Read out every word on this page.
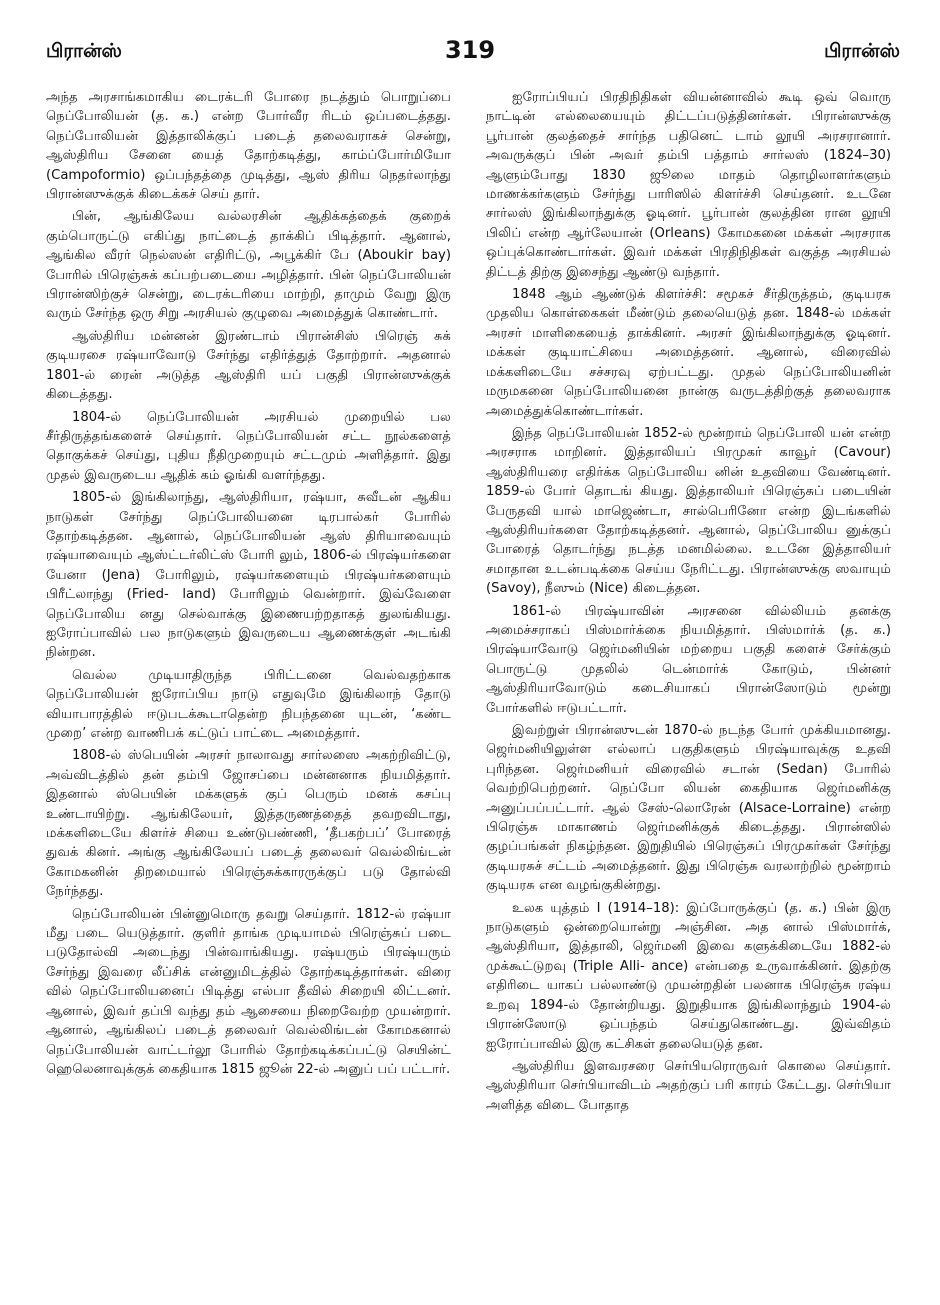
பிரான்ஸ்	319	பிரான்ஸ்

அந்த அரசாங்கமாகிய டைரக்டரி போரை நடத்தும் பொறுப்பை நெப்போலியன் (த. க.) என்ற போர்வீர ரிடம் ஒப்படைத்தது. நெப்போலியன் இத்தாலிக்குப் படைத் தலைவராகச் சென்று, ஆஸ்திரிய சேனை யைத் தோற்கடித்து, காம்ப்போர்மியோ (Campoformio) ஒப்பந்தத்தை முடித்து, ஆஸ் திரிய நெதர்லாந்து பிரான்ஸுக்குக் கிடைக்கச் செய் தார்.

பின், ஆங்கிலேய வல்லரசின் ஆதிக்கத்தைக் குறைக் கும்பொருட்டு எகிப்து நாட்டைத் தாக்கிப் பிடித்தார். ஆனால், ஆங்கில வீரர் நெல்ஸன் எதிரிட்டு, அபூக்கிர் பே (Aboukir bay) போரில் பிரெஞ்சுக் கப்பற்படையை அழித்தார். பின் நெப்போலியன் பிரான்ஸிற்குச் சென்று, டைரக்டரியை மாற்றி, தாமும் வேறு இரு வரும் சேர்ந்த ஒரு சிறு அரசியல் குழுவை அமைத்துக் கொண்டார்.

ஆஸ்திரிய மன்னன் இரண்டாம் பிரான்சிஸ் பிரெஞ் சுக் குடியரசை ரஷ்யாவோடு சேர்ந்து எதிர்த்துத் தோற்றார். அதனால் 1801-ல் ரைன் அடுத்த ஆஸ்திரி யப் பகுதி பிரான்ஸுக்குக் கிடைத்தது.

1804-ல் நெப்போலியன் அரசியல் முறையில் பல சீர்திருத்தங்களைச் செய்தார். நெப்போலியன் சட்ட நூல்களைத் தொகுக்கச் செய்து, புதிய நீதிமுறையும் சட்டமும் அளித்தார். இது முதல் இவருடைய ஆதிக் கம் ஓங்கி வளர்ந்தது.

1805-ல் இங்கிலாந்து, ஆஸ்திரியா, ரஷ்யா, சுவீடன் ஆகிய நாடுகள் சேர்ந்து நெப்போலியனை டிரபால்கர் போரில் தோற்கடித்தன. ஆனால், நெப்போலியன் ஆஸ் திரியாவையும் ரஷ்யாவையும் ஆஸ்ட்டர்லிட்ஸ் போரி லும், 1806-ல் பிரஷ்யர்களை யேனா (Jena) போரிலும், ரஷ்யர்களையும் பிரஷ்யர்களையும் பிரீட்லாந்து (Fried- land) போரிலும் வென்றார். இவ்வேளை நெப்போலிய னது செல்வாக்கு இணையற்றதாகத் துலங்கியது. ஐரோப்பாவில் பல நாடுகளும் இவருடைய ஆணைக்குள் அடங்கி நின்றன.

வெல்ல முடியாதிருந்த பிரிட்டனை வெல்வதற்காக நெப்போலியன் ஐரோப்பிய நாடு எதுவுமே இங்கிலாந் தோடு வியாபாரத்தில் ஈடுபடக்கூடாதென்ற நிபந்தனை யுடன், ‘கண்ட முறை’ என்ற வாணிபக் கட்டுப் பாட்டை அமைத்தார்.

1808-ல் ஸ்பெயின் அரசர் நாலாவது சார்லஸை அகற்றிவிட்டு, அவ்விடத்தில் தன் தம்பி ஜோசப்பை மன்னனாக நியமித்தார். இதனால் ஸ்பெயின் மக்களுக் குப் பெரும் மனக் கசப்பு உண்டாயிற்று. ஆங்கிலேயர், இத்தருணத்தைத் தவறவிடாது, மக்களிடையே கிளர்ச் சியை உண்டுபண்ணி, ‘தீபகற்பப்’ போரைத் துவக் கினர். அங்கு ஆங்கிலேயப் படைத் தலைவர் வெல்லிங்டன் கோமகனின் திறமையால் பிரெஞ்சுக்காரருக்குப் படு தோல்வி நேர்ந்தது.

நெப்போலியன் பின்னுமொரு தவறு செய்தார். 1812-ல் ரஷ்யா மீது படை யெடுத்தார். குளிர் தாங்க முடியாமல் பிரெஞ்சுப் படை படுதோல்வி அடைந்து பின்வாங்கியது. ரஷ்யரும் பிரஷ்யரும் சேர்ந்து இவரை லீப்சிக் என்னுமிடத்தில் தோற்கடித்தார்கள். விரை வில் நெப்போலியனைப் பிடித்து எல்பா தீவில் சிறையி லிட்டனர். ஆனால், இவர் தப்பி வந்து தம் ஆசையை நிறைவேற்ற முயன்றார். ஆனால், ஆங்கிலப் படைத் தலைவர் வெல்லிங்டன் கோமகனால் நெப்போலியன் வாட்டர்லூ போரில் தோற்கடிக்கப்பட்டு செயின்ட் ஹெலெனாவுக்குக் கைதியாக 1815 ஜூன் 22-ல் அனுப் பப் பட்டார்.

ஐரோப்பியப் பிரதிநிதிகள் வியன்னாவில் கூடி ஒவ் வொரு நாட்டின் எல்லையையும் திட்டப்படுத்தினர்கள். பிரான்ஸுக்கு பூர்பான் குலத்தைச் சார்ந்த பதினெட் டாம் லூயி அரசரானார். அவருக்குப் பின் அவர் தம்பி பத்தாம் சார்லஸ் (1824–30) ஆளும்போது 1830 ஜூலை மாதம் தொழிலாளர்களும் மாணக்கர்களும் சேர்ந்து பாரிஸில் கிளர்ச்சி செய்தனர். உடனே சார்லஸ் இங்கிலாந்துக்கு ஓடினர். பூர்பான் குலத்தின ரான லூயி பிலிப் என்ற ஆர்லேயான் (Orleans) கோமகனை மக்கள் அரசராக ஒப்புக்கொண்டார்கள். இவர் மக்கள் பிரதிநிதிகள் வகுத்த அரசியல் திட்டத் திற்கு இசைந்து ஆண்டு வந்தார்.

1848 ஆம் ஆண்டுக் கிளர்ச்சி: சமூகச் சீர்திருத்தம், குடியரசு முதலிய கொள்கைகள் மீண்டும் தலையெடுத் தன. 1848-ல் மக்கள் அரசர் மாளிகையைத் தாக்கினர். அரசர் இங்கிலாந்துக்கு ஓடினர். மக்கள் குடியாட்சியை அமைத்தனர். ஆனால், விரைவில் மக்களிடையே சச்சரவு ஏற்பட்டது. முதல் நெப்போலியனின் மருமகனை நெப்போலியனை நான்கு வருடத்திற்குத் தலைவராக அமைத்துக்கொண்டார்கள்.

இந்த நெப்போலியன் 1852-ல் மூன்றாம் நெப்போலி யன் என்ற அரசராக மாறினர். இத்தாலியப் பிரமுகர் காவூர் (Cavour) ஆஸ்திரியரை எதிர்க்க நெப்போலிய னின் உதவியை வேண்டினர். 1859-ல் போர் தொடங் கியது. இத்தாலியர் பிரெஞ்சுப் படையின் பேருதவி யால் மாஜெண்டா, சால்பெரினோ என்ற இடங்களில் ஆஸ்திரியர்களை தோற்கடித்தனர். ஆனால், நெப்போலிய னுக்குப் போரைத் தொடர்ந்து நடத்த மனமில்லை. உடனே இத்தாலியர் சமாதான உடன்படிக்கை செய்ய நேரிட்டது. பிரான்ஸுக்கு ஸவாயும் (Savoy), நீஸும் (Nice) கிடைத்தன.

1861-ல் பிரஷ்யாவின் அரசனை வில்லியம் தனக்கு அமைச்சராகப் பிஸ்மார்க்கை நியமித்தார். பிஸ்மார்க் (த. க.) பிரஷ்யாவோடு ஜெர்மனியின் மற்றைய பகுதி களைச் சேர்க்கும் பொருட்டு முதலில் டென்மார்க் கோடும், பின்னர் ஆஸ்திரியாவோடும் கடைசியாகப் பிரான்ஸோடும் மூன்று போர்களில் ஈடுபட்டார்.

இவற்றுள் பிரான்ஸுடன் 1870-ல் நடந்த போர் முக்கியமானது. ஜெர்மனியிலுள்ள எல்லாப் பகுதிகளும் பிரஷ்யாவுக்கு உதவி புரிந்தன. ஜெர்மனியர் விரைவில் சடான் (Sedan) போரில் வெற்றிபெற்றனர். நெப்போ லியன் கைதியாக ஜெர்மனிக்கு அனுப்பப்பட்டார். ஆல் சேஸ்-லொரேன் (Alsace-Lorraine) என்ற பிரெஞ்சு மாகாணம் ஜெர்மனிக்குக் கிடைத்தது. பிரான்ஸில் குழப்பங்கள் நிகழ்ந்தன. இறுதியில் பிரெஞ்சுப் பிரமுகர்கள் சேர்ந்து குடியரசுச் சட்டம் அமைத்தனர். இது பிரெஞ்சு வரலாற்றில் மூன்றாம் குடியரசு என வழங்குகின்றது.

உலக யுத்தம் I (1914–18): இப்போருக்குப் (த. க.) பின் இரு நாடுகளும் ஒன்றையொன்று அஞ்சின. அத னால் பிஸ்மார்க், ஆஸ்திரியா, இத்தாலி, ஜெர்மனி இவை களுக்கிடையே 1882-ல் முக்கூட்டுறவு (Triple Alli- ance) என்பதை உருவாக்கினர். இதற்கு எதிரிடை யாகப் பல்லாண்டு முயன்றதின் பலனாக பிரெஞ்சு ரஷ்ய உறவு 1894-ல் தோன்றியது. இறுதியாக இங்கிலாந்தும் 1904-ல் பிரான்ஸோடு ஒப்பந்தம் செய்துகொண்டது. இவ்விதம் ஐரோப்பாவில் இரு கட்சிகள் தலையெடுத் தன.

ஆஸ்திரிய இளவரசரை செர்பியரொருவர் கொலை செய்தார். ஆஸ்திரியா செர்பியாவிடம் அதற்குப் பரி காரம் கேட்டது. செர்பியா அளித்த விடை போதாத
